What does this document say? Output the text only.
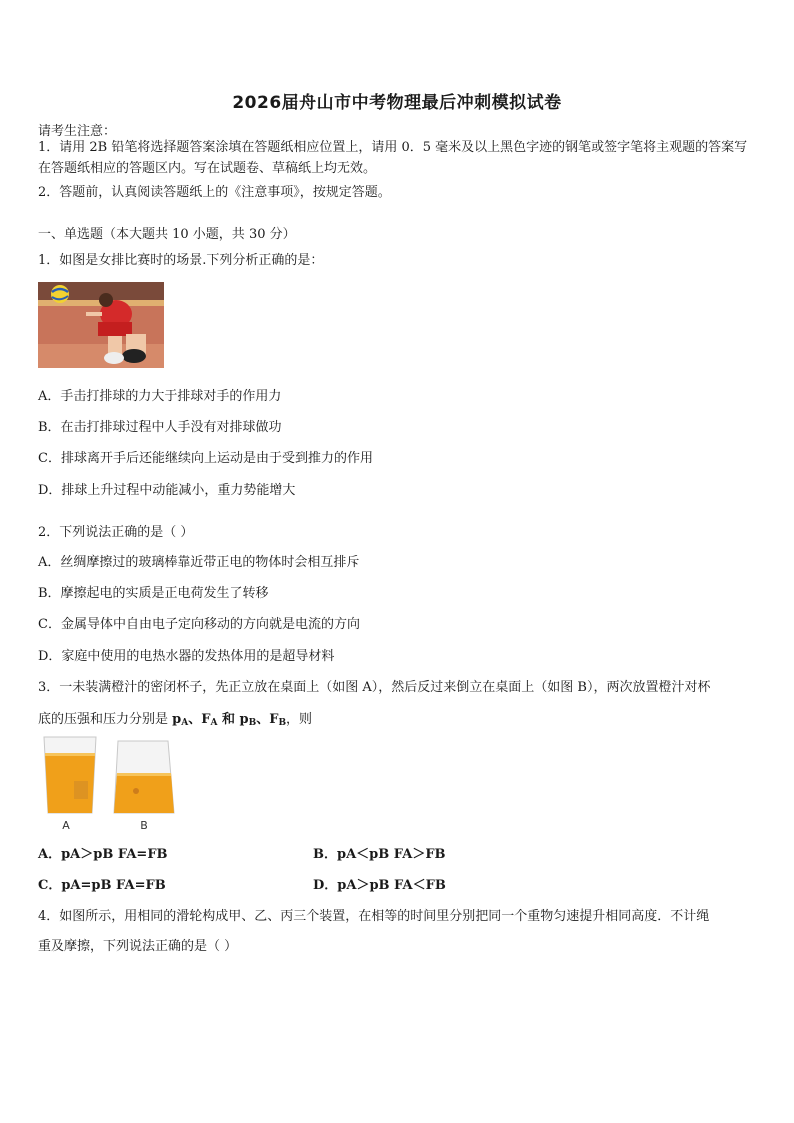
2026届舟山市中考物理最后冲刺模拟试卷
请考生注意：
1．请用 2B 铅笔将选择题答案涂填在答题纸相应位置上，请用 0．5 毫米及以上黑色字迹的钢笔或签字笔将主观题的答案写在答题纸相应的答题区内。写在试题卷、草稿纸上均无效。
2．答题前，认真阅读答题纸上的《注意事项》，按规定答题。
一、单选题（本大题共 10 小题，共 30 分）
1．如图是女排比赛时的场景.下列分析正确的是：
A．手击打排球的力大于排球对手的作用力
B．在击打排球过程中人手没有对排球做功
C．排球离开手后还能继续向上运动是由于受到推力的作用
D．排球上升过程中动能减小，重力势能增大
2．下列说法正确的是（ ）
A．丝绸摩擦过的玻璃棒靠近带正电的物体时会相互排斥
B．摩擦起电的实质是正电荷发生了转移
C．金属导体中自由电子定向移动的方向就是电流的方向
D．家庭中使用的电热水器的发热体用的是超导材料
3．一未装满橙汁的密闭杯子，先正立放在桌面上（如图 A），然后反过来倒立在桌面上（如图 B），两次放置橙汁对杯
底的压强和压力分别是 $p_A$、$F_A$ 和 $p_B$、$F_B$，则
A	B
A．pA＞pB FA=FB	B．pA＜pB FA＞FB
C．pA=pB FA=FB	D．pA＞pB FA＜FB
4．如图所示，用相同的滑轮构成甲、乙、丙三个装置，在相等的时间里分别把同一个重物匀速提升相同高度．不计绳
重及摩擦，下列说法正确的是（ ）
